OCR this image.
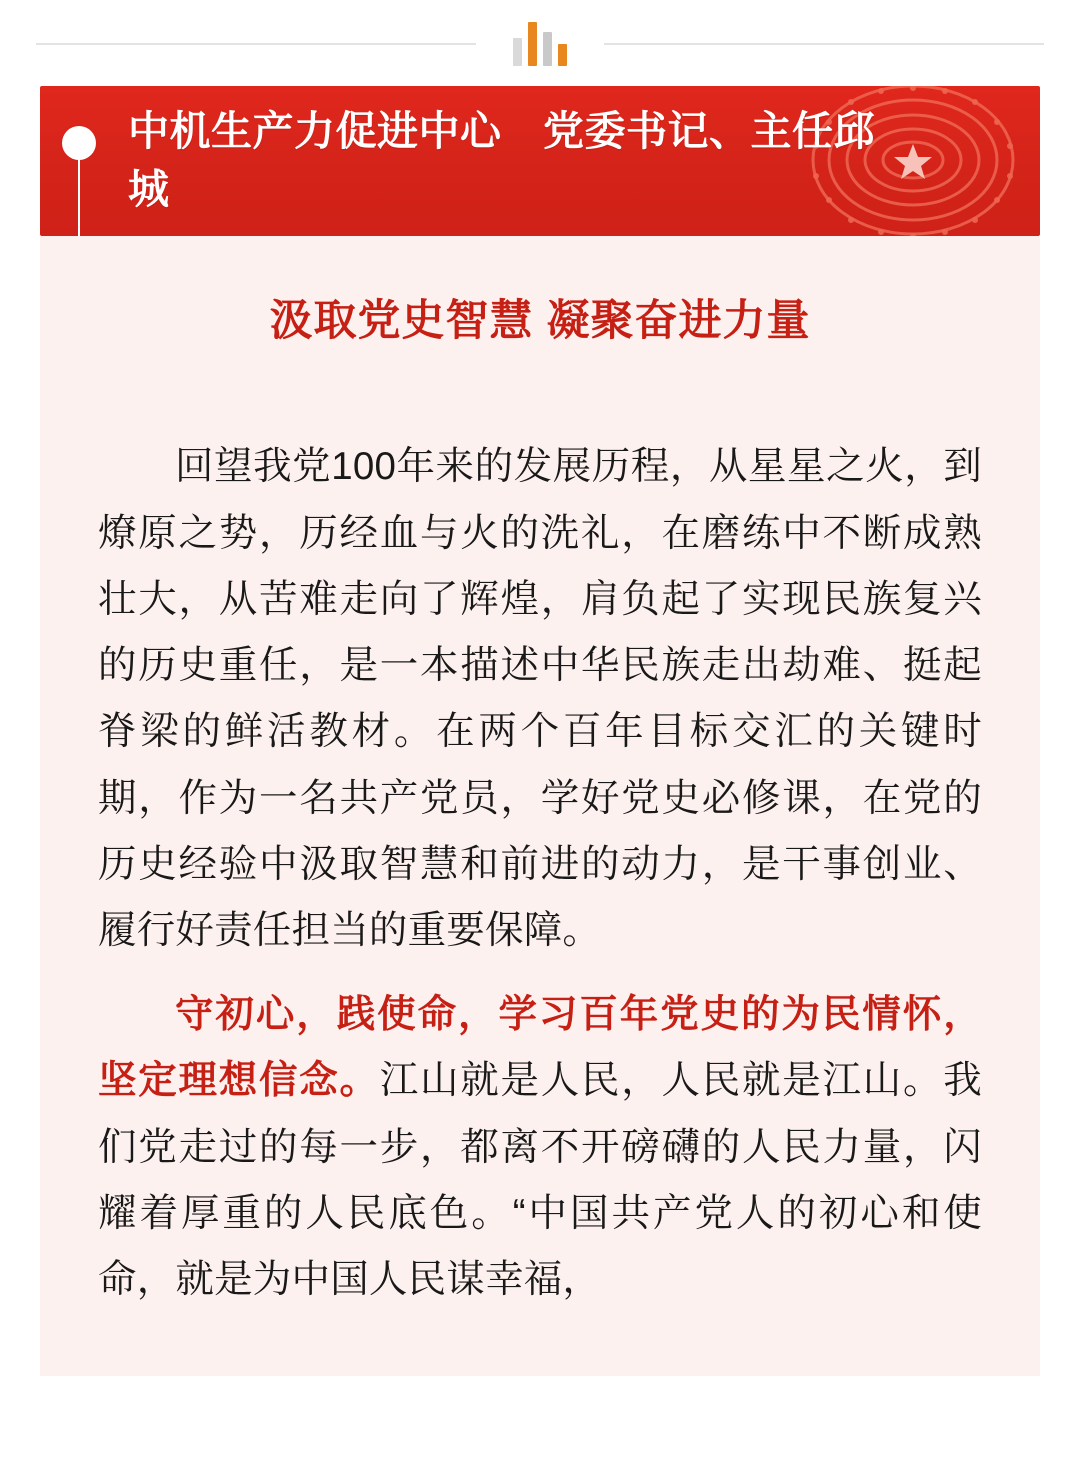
中机生产力促进中心　党委书记、主任邱城
汲取党史智慧 凝聚奋进力量

回望我党100年来的发展历程，从星星之火，到燎原之势，历经血与火的洗礼，在磨练中不断成熟壮大，从苦难走向了辉煌，肩负起了实现民族复兴的历史重任，是一本描述中华民族走出劫难、挺起脊梁的鲜活教材。在两个百年目标交汇的关键时期，作为一名共产党员，学好党史必修课，在党的历史经验中汲取智慧和前进的动力，是干事创业、履行好责任担当的重要保障。

守初心，践使命，学习百年党史的为民情怀，坚定理想信念。江山就是人民，人民就是江山。我们党走过的每一步，都离不开磅礴的人民力量，闪耀着厚重的人民底色。“中国共产党人的初心和使命，就是为中国人民谋幸福，
